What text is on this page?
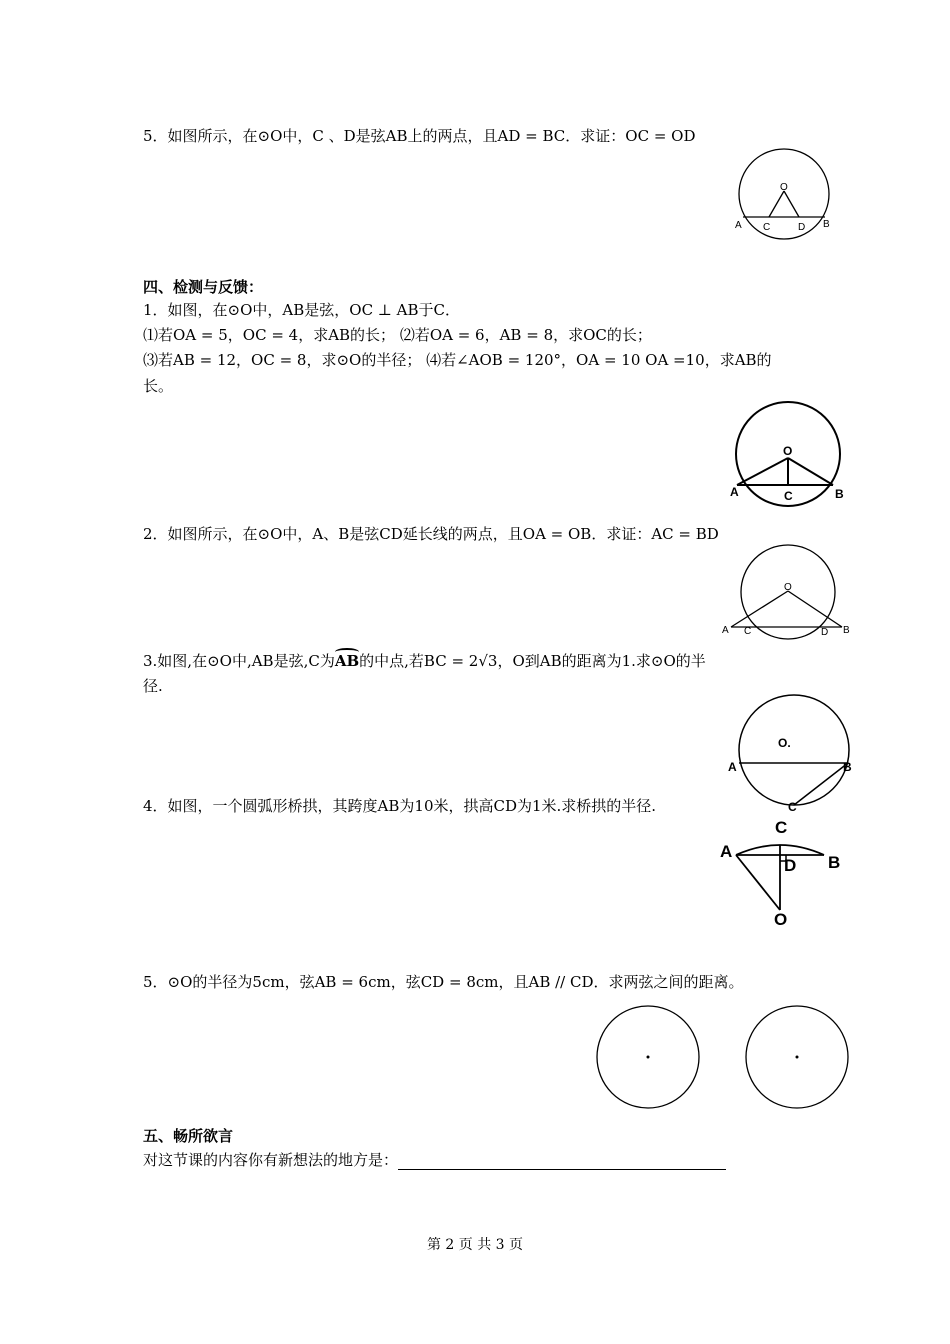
5．如图所示，在⊙O中，C 、D是弦AB上的两点，且AD = BC．求证：OC = OD
O
A C	D B
四、检测与反馈：
1．如图，在⊙O中，AB是弦，OC ⊥ AB于C．
⑴若OA = 5，OC = 4，求AB的长； ⑵若OA = 6，AB = 8，求OC的长；
⑶若AB = 12，OC = 8，求⊙O的半径； ⑷若∠AOB = 120°，OA = 10 OA =10，求AB的
长。
O
A	C	B
2．如图所示，在⊙O中，A、B是弦CD延长线的两点，且OA = OB．求证：AC = BD
O
A C	D B
3.如图,在⊙O中,AB是弦,C为AB的中点,若BC = 2√3，O到AB的距离为1.求⊙O的半
径.
O.
A	B
C
4．如图，一个圆弧形桥拱，其跨度AB为10米，拱高CD为1米.求桥拱的半径.
C
A
D B
O
5．⊙O的半径为5cm，弦AB = 6cm，弦CD = 8cm，且AB // CD．求两弦之间的距离。
五、畅所欲言
对这节课的内容你有新想法的地方是：
第 2 页 共 3 页
